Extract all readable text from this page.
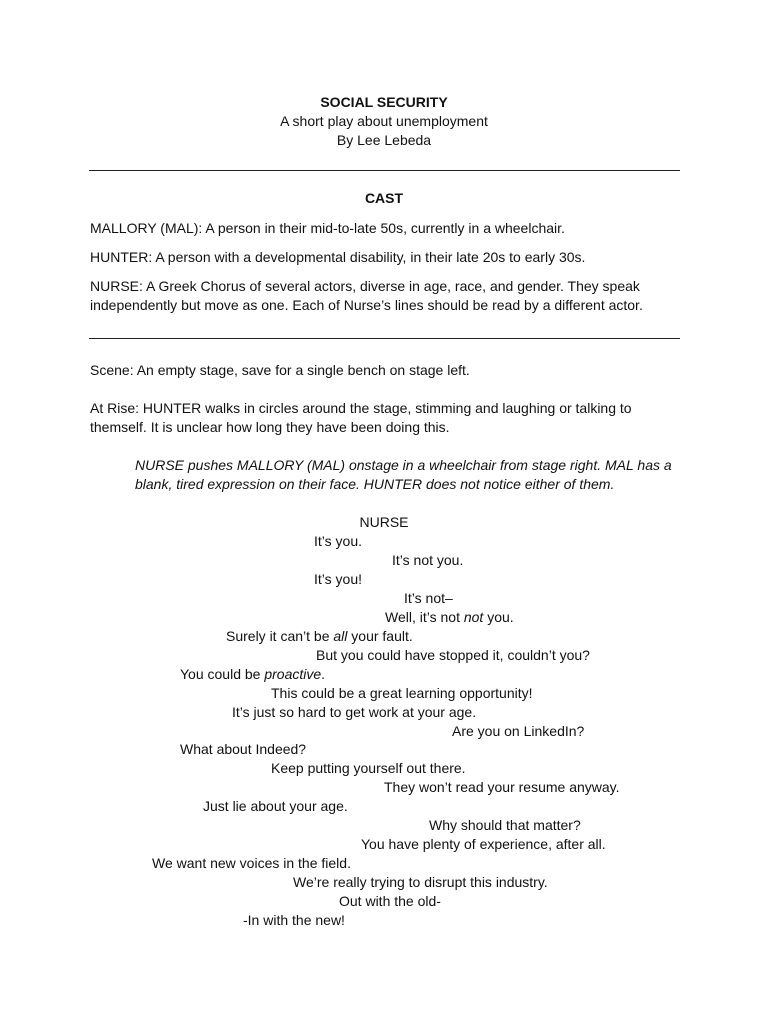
SOCIAL SECURITY
A short play about unemployment
By Lee Lebeda
CAST
MALLORY (MAL): A person in their mid-to-late 50s, currently in a wheelchair.
HUNTER: A person with a developmental disability, in their late 20s to early 30s.
NURSE: A Greek Chorus of several actors, diverse in age, race, and gender. They speak
independently but move as one. Each of Nurse’s lines should be read by a different actor.
Scene: An empty stage, save for a single bench on stage left.
At Rise: HUNTER walks in circles around the stage, stimming and laughing or talking to
themself. It is unclear how long they have been doing this.
NURSE pushes MALLORY (MAL) onstage in a wheelchair from stage right. MAL has a
blank, tired expression on their face. HUNTER does not notice either of them.
NURSE
It’s you.
It’s not you.
It’s you!
It’s not–
Well, it’s not not you.
Surely it can’t be all your fault.
But you could have stopped it, couldn’t you?
You could be proactive.
This could be a great learning opportunity!
It’s just so hard to get work at your age.
Are you on LinkedIn?
What about Indeed?
Keep putting yourself out there.
They won’t read your resume anyway.
Just lie about your age.
Why should that matter?
You have plenty of experience, after all.
We want new voices in the field.
We’re really trying to disrupt this industry.
Out with the old-
-In with the new!
